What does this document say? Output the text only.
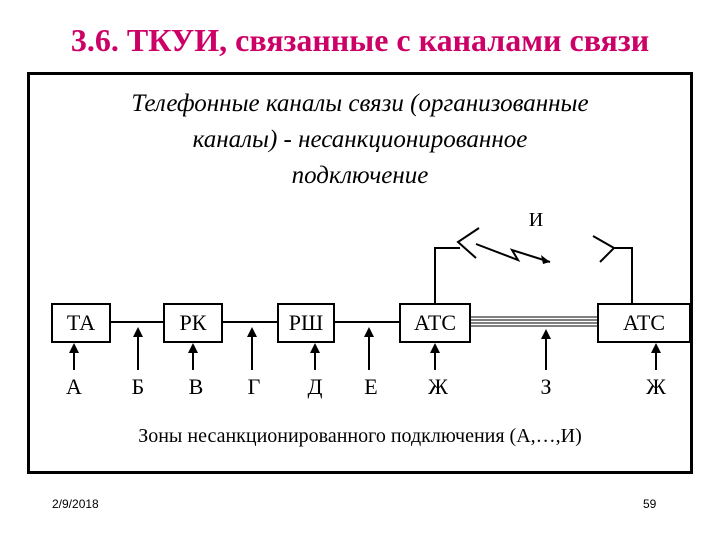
3.6. ТКУИ, связанные с каналами связи
Телефонные каналы связи (организованные
каналы) - несанкционированное
подключение
ТА	РК	РШ	АТС	АТС
И
А Б В Г Д Е Ж	З	Ж
Зоны несанкционированного подключения (А,…,И)
2/9/2018	59
